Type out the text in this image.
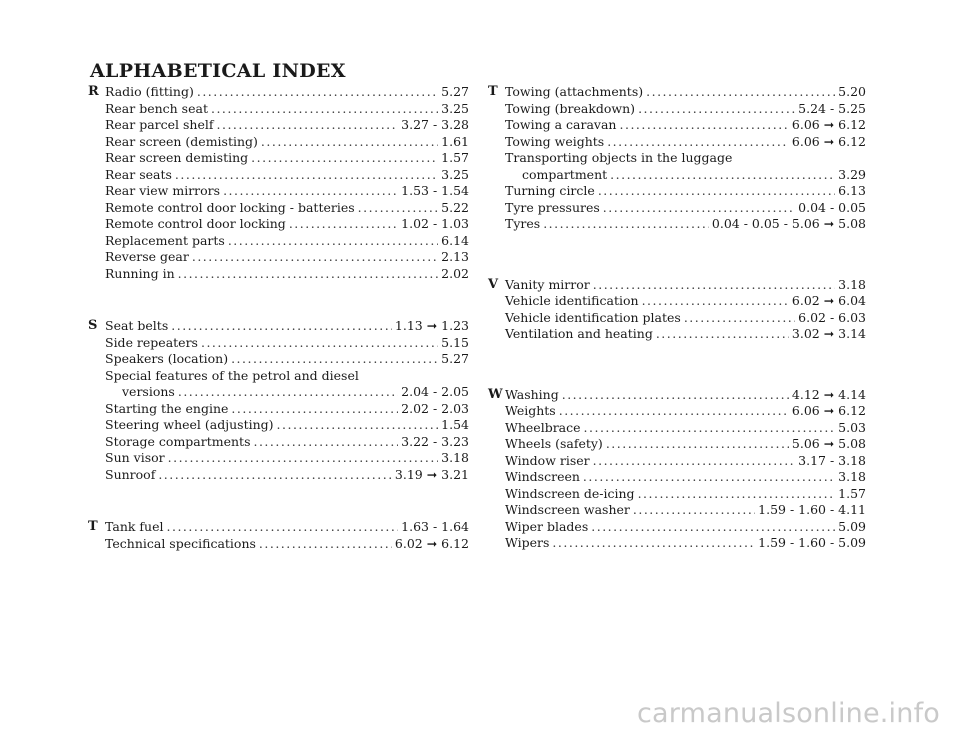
ALPHABETICAL INDEX
R Radio (fitting) .....	5.27
Rear bench seat .....	3.25
Rear parcel shelf .....	3.27 - 3.28
Rear screen (demisting) .....	1.61
Rear screen demisting .....	1.57
Rear seats .....	3.25
Rear view mirrors .....	1.53 - 1.54
Remote control door locking - batteries .....	5.22
Remote control door locking .....	1.02 - 1.03
Replacement parts .....	6.14
Reverse gear .....	2.13
Running in .....	2.02
S Seat belts .....	1.13 ➞ 1.23
Side repeaters .....	5.15
Speakers (location) .....	5.27
Special features of the petrol and diesel
versions .....	2.04 - 2.05
Starting the engine .....	2.02 - 2.03
Steering wheel (adjusting) .....	1.54
Storage compartments .....	3.22 - 3.23
Sun visor .....	3.18
Sunroof .....	3.19 ➞ 3.21
T Tank fuel .....	1.63 - 1.64
Technical specifications .....	6.02 ➞ 6.12
T Towing (attachments) .....	5.20
Towing (breakdown) .....	5.24 - 5.25
Towing a caravan .....	6.06 ➞ 6.12
Towing weights .....	6.06 ➞ 6.12
Transporting objects in the luggage
compartment .....	3.29
Turning circle .....	6.13
Tyre pressures .....	0.04 - 0.05
Tyres .....	0.04 - 0.05 - 5.06 ➞ 5.08
V Vanity mirror .....	3.18
Vehicle identification .....	6.02 ➞ 6.04
Vehicle identification plates .....	6.02 - 6.03
Ventilation and heating .....	3.02 ➞ 3.14
W Washing .....	4.12 ➞ 4.14
Weights .....	6.06 ➞ 6.12
Wheelbrace .....	5.03
Wheels (safety) .....	5.06 ➞ 5.08
Window riser .....	3.17 - 3.18
Windscreen .....	3.18
Windscreen de-icing .....	1.57
Windscreen washer .....	1.59 - 1.60 - 4.11
Wiper blades .....	5.09
Wipers .....	1.59 - 1.60 - 5.09
carmanualsonline.info
